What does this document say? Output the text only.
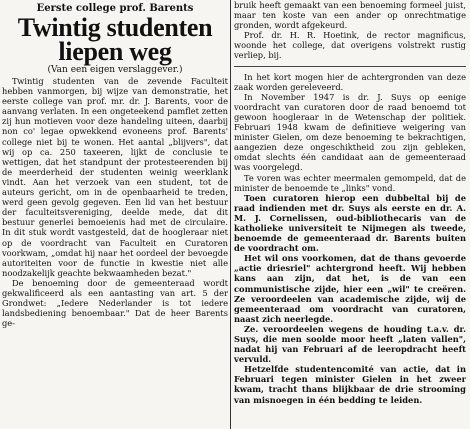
Eerste college prof. Barents
Twintig studenten
liepen weg
(Van een eigen verslaggever.)

Twintig studenten van de zevende Faculteit hebben vanmorgen, bij wijze van demonstratie, het eerste college van prof. mr. dr. J. Barents, voor de aanvang verlaten. In een ongeteekend pamflet zetten zij hun motieven voor deze handeling uiteen, daarbij non co' legae opwekkend evoneens prof. Barents' college niet bij te wonen. Het aantal „blijvers", dat wij op ca. 250 taxeeren, lijkt de conclusie te wettigen, dat het standpunt der protesteerenden bij de meerderheid der studenten weinig weerklank vindt. Aan het verzoek van een student, tot de auteurs gericht, om in de openbaarheid te treden, werd geen gevolg gegeven. Een lid van het bestuur der faculteitsvereniging, deelde mede, dat dit bestuur generlei bemoeienis had met de circulaire. In dit stuk wordt vastgesteld, dat de hoogleraar niet op de voordracht van Faculteit en Curatoren voorkwam, „omdat hij naar het oordeel der bevoegde autoriteiten voor de functie in kwestie niet alle noodzakelijk geachte bekwaamheden bezat."

De benoeming door de gemeenteraad wordt gekwalificeerd als een aantasting van art. 5 der Grondwet: „Iedere Nederlander is tot iedere landsbediening benoembaar." Dat de heer Barents ge-

bruik heeft gemaakt van een benoeming formeel juist, maar ten koste van een ander op onrechtmatige gronden, wordt afgekeurd.

Prof. dr. H. R. Hoetink, de rector magnificus, woonde het college, dat overigens volstrekt rustig verliep, bij.

In het kort mogen hier de achtergronden van deze zaak worden gereleveerd.

In November 1947 is dr. J. Suys op eenige voordracht van curatoren door de raad benoemd tot gewoon hoogleraar in de Wetenschap der politiek. Februari 1948 kwam de definitieve weigering van minister Gielen, om deze benoeming te bekrachtigen, aangezien deze ongeschiktheid zou zijn gebleken, omdat slechts één candidaat aan de gemeenteraad was voorgelegd.

Te voren was echter meermalen gemompeld, dat de minister de benoemde te „links" vond.

Toen curatoren hierop een dubbeltal bij de raad indienden met dr. Suys als eerste en dr. A. M. J. Cornelissen, oud-bibliothecaris van de katholieke universiteit te Nijmegen als tweede, benoemde de gemeenteraad dr. Barents buiten de voordracht om.

Het wil ons voorkomen, dat de thans gevoerde „actie driesriel" achtergrond heeft. Wij hebben kans aan zijn, dat het, is de van een communistische zijde, hier een „wil" te creëren. Ze veroordeelen van academische zijde, wij de gemeenteraad om voordracht van curatoren, naast zich neerlegde.

Ze. veroordeelen wegens de houding t.a.v. dr. Suys, die men soolde moor heeft „laten vallen", nadat hij van Februari af de leeropdracht heeft vervuld.

Hetzelfde studentencomité van actie, dat in Februari tegen minister Gielen in het zweer kwam, tracht thans blijkbaar de drie strooming van misnoegen in één bedding te leiden.
